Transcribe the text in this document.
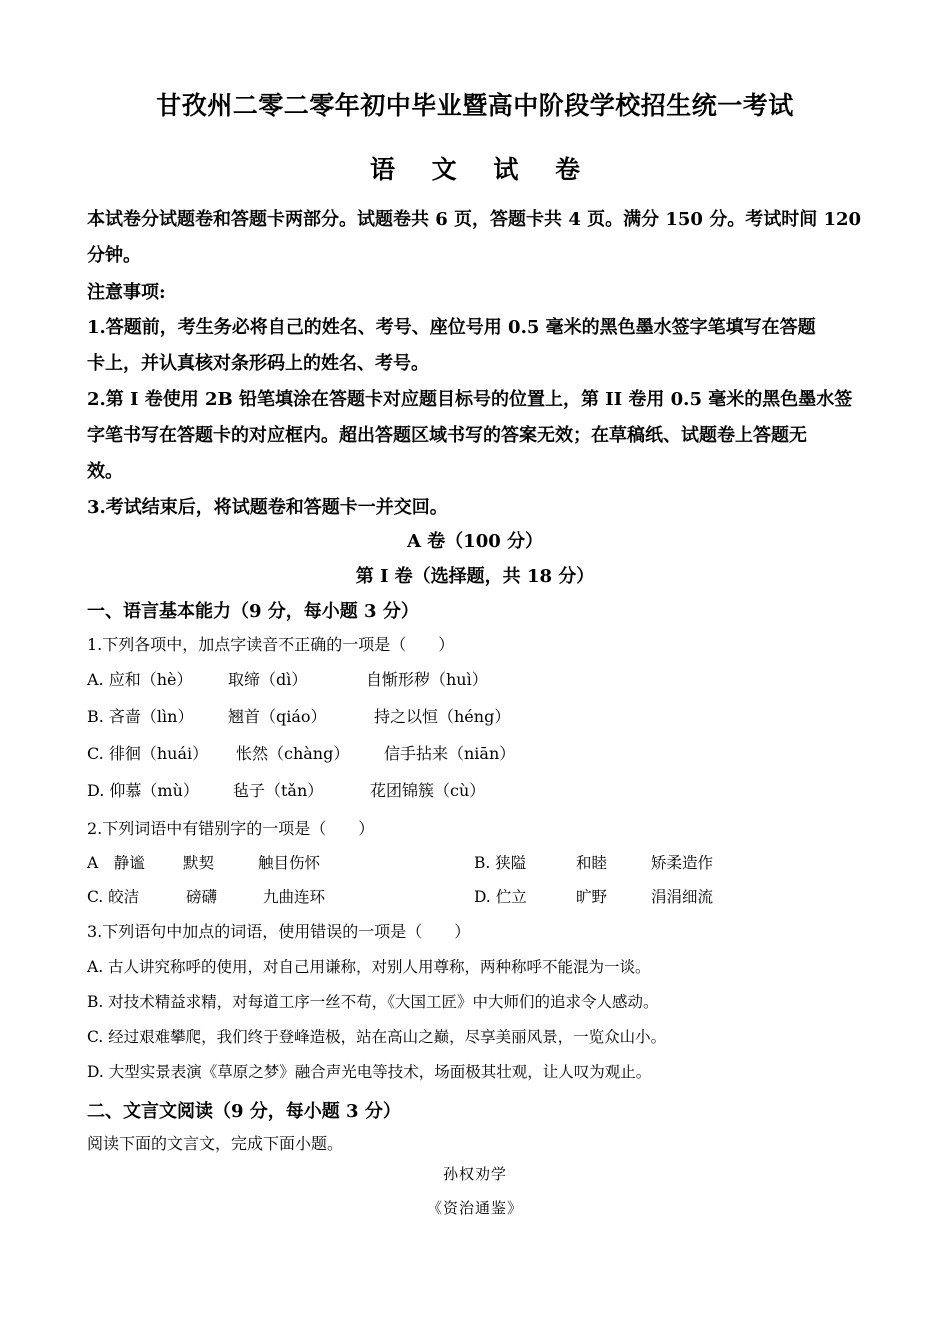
甘孜州二零二零年初中毕业暨高中阶段学校招生统一考试
语 文 试 卷
本试卷分试题卷和答题卡两部分。试题卷共 6 页，答题卡共 4 页。满分 150 分。考试时间 120
分钟。
注意事项:
1.答题前，考生务必将自己的姓名、考号、座位号用 0.5 毫米的黑色墨水签字笔填写在答题
卡上，并认真核对条形码上的姓名、考号。
2.第 I 卷使用 2B 铅笔填涂在答题卡对应题目标号的位置上，第 II 卷用 0.5 毫米的黑色墨水签
字笔书写在答题卡的对应框内。超出答题区域书写的答案无效；在草稿纸、试题卷上答题无
效。
3.考试结束后，将试题卷和答题卡一并交回。
A 卷（100 分）
第 I 卷（选择题，共 18 分）
一、语言基本能力（9 分，每小题 3 分）
1.下列各项中，加点字读音不正确的一项是（　　）
A. 应和（hè） 取缔（dì）	自惭形秽（huì）
B. 吝啬（lìn） 翘首（qiáo）	持之以恒（héng）
C. 徘徊（huái） 怅然（chàng） 信手拈来（niān）
D. 仰慕（mù） 毡子（tǎn）	花团锦簇（cù）
2.下列词语中有错别字的一项是（　　）
A　静谧 默契	触目伤怀	B. 狭隘	和睦	矫柔造作
C. 皎洁	磅礴	九曲连环	D. 伫立	旷野	涓涓细流
3.下列语句中加点的词语，使用错误的一项是（　　）
A. 古人讲究称呼的使用，对自己用谦称，对别人用尊称，两种称呼不能混为一谈。
B. 对技术精益求精，对每道工序一丝不苟，《大国工匠》中大师们的追求令人感动。
C. 经过艰难攀爬，我们终于登峰造极，站在高山之巅，尽享美丽风景，一览众山小。
D. 大型实景表演《草原之梦》融合声光电等技术，场面极其壮观，让人叹为观止。
二、文言文阅读（9 分，每小题 3 分）
阅读下面的文言文，完成下面小题。
孙权劝学
《资治通鉴》
